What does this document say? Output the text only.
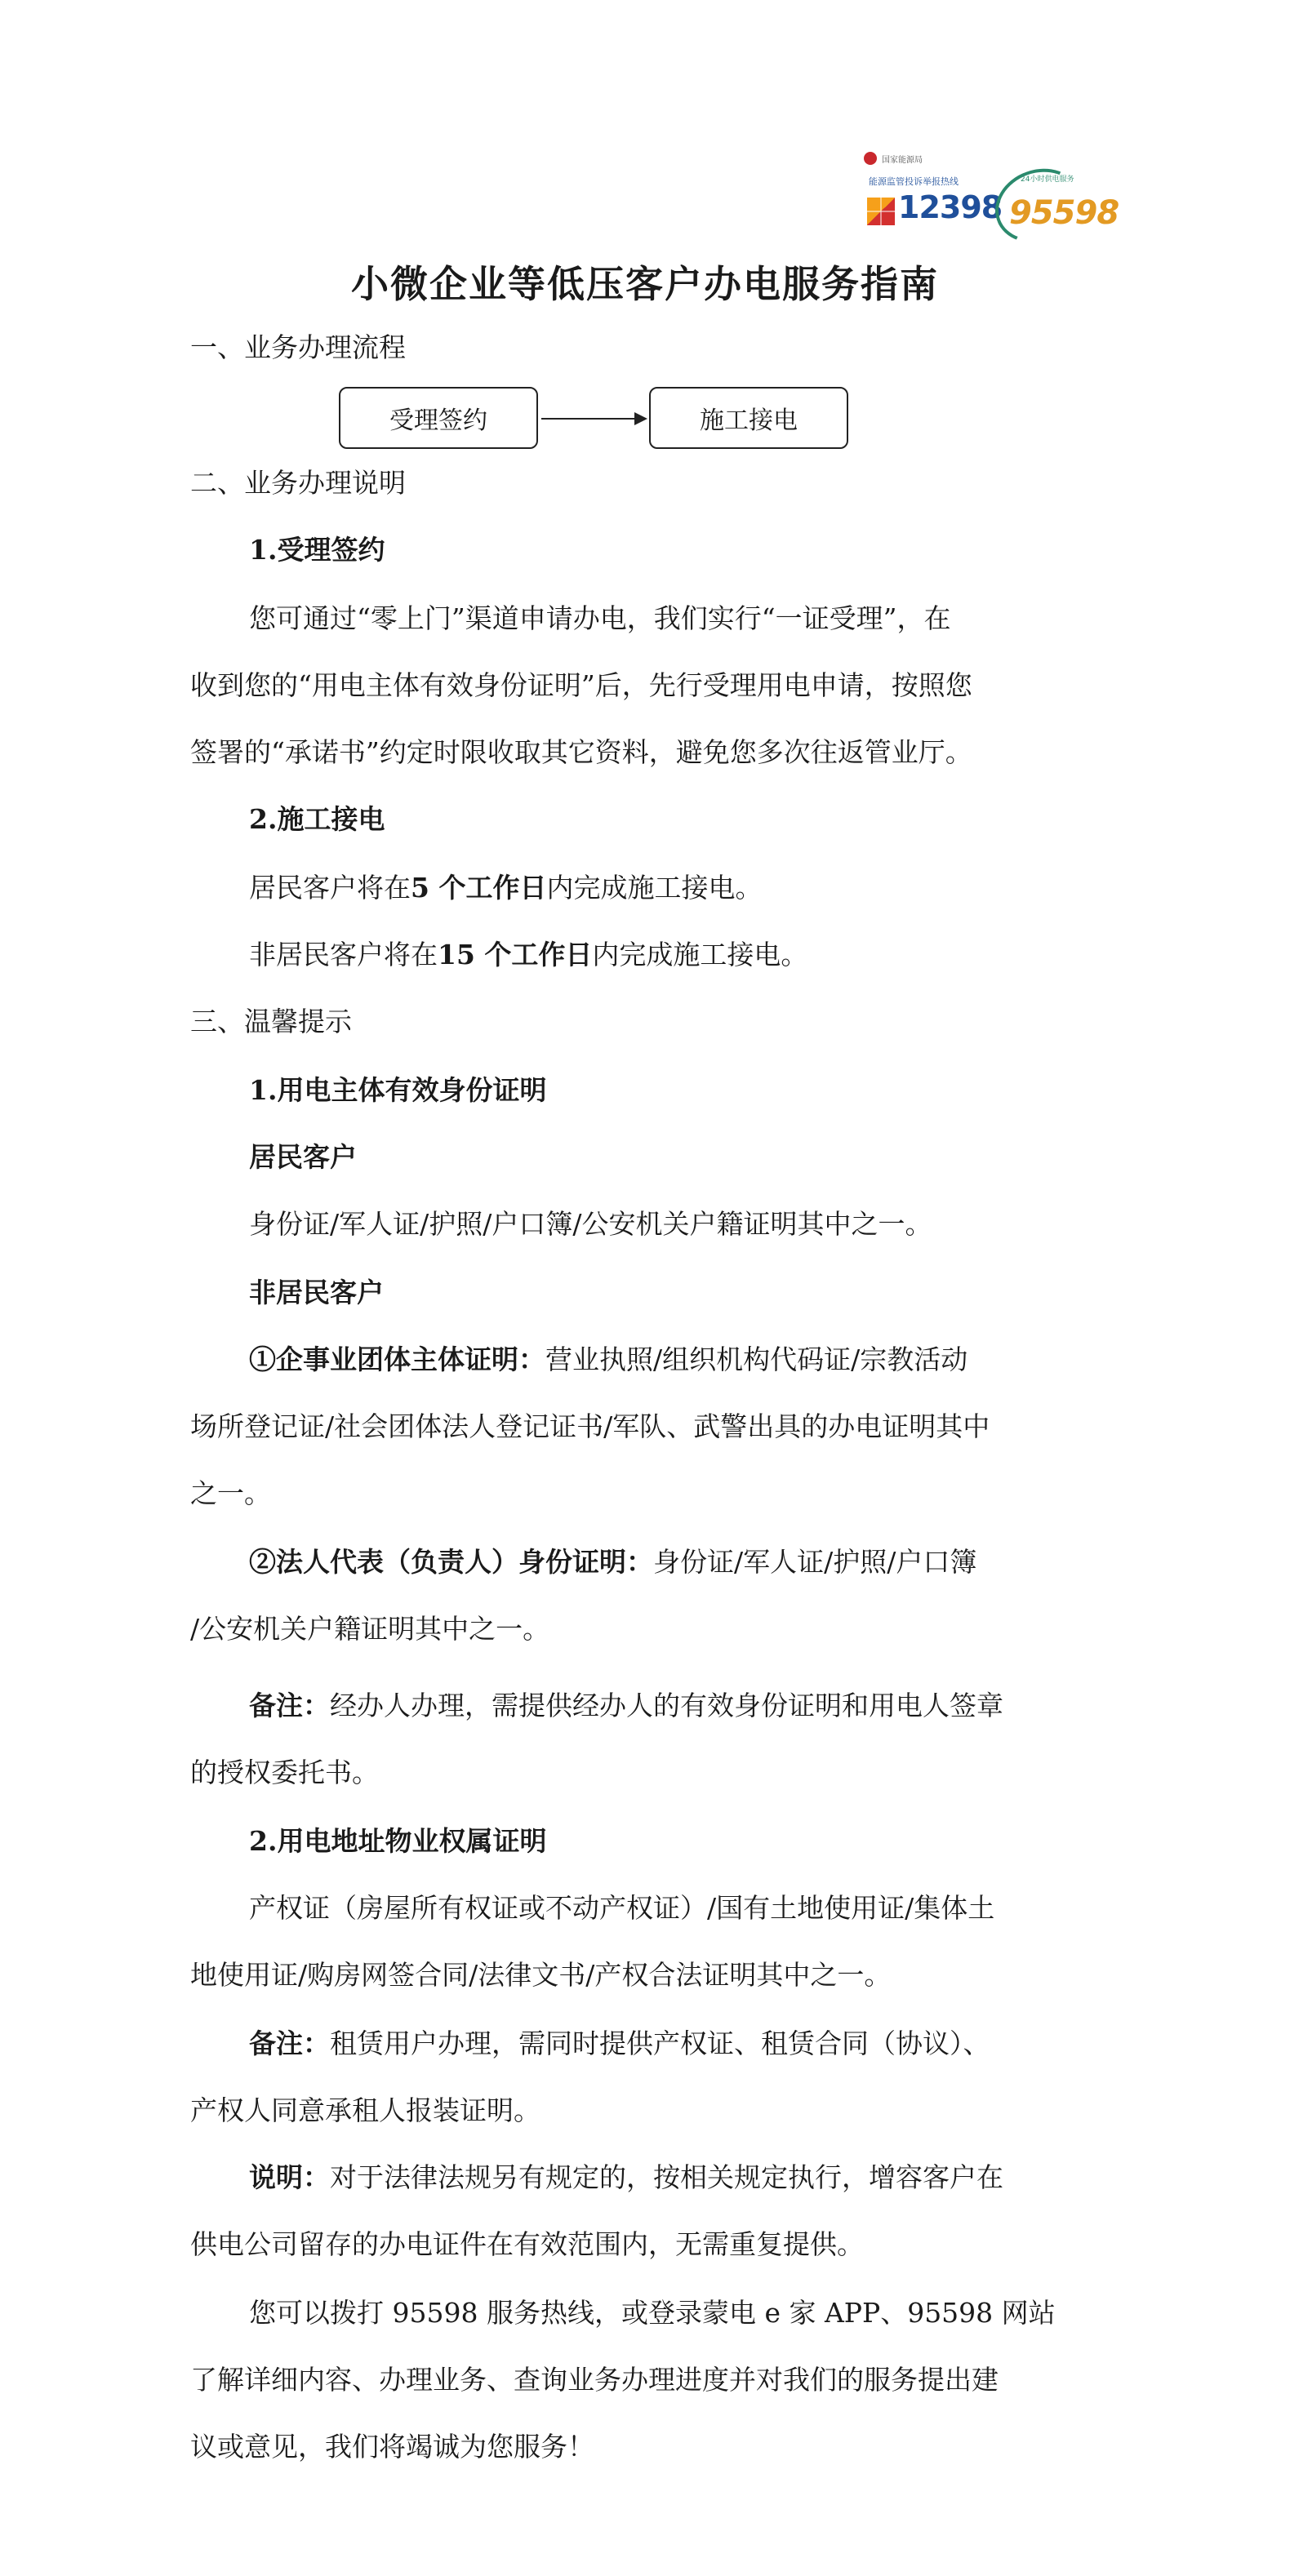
国家能源局
能源监管投诉举报热线
12398
24小时供电服务
95598
小微企业等低压客户办电服务指南
一、业务办理流程
受理签约	施工接电
二、业务办理说明
1.受理签约
您可通过“零上门”渠道申请办电，我们实行“一证受理”，在
收到您的“用电主体有效身份证明”后，先行受理用电申请，按照您
签署的“承诺书”约定时限收取其它资料，避免您多次往返管业厅。
2.施工接电
居民客户将在5 个工作日内完成施工接电。
非居民客户将在15 个工作日内完成施工接电。
三、温馨提示
1.用电主体有效身份证明
居民客户
身份证/军人证/护照/户口簿/公安机关户籍证明其中之一。
非居民客户
①企事业团体主体证明：营业执照/组织机构代码证/宗教活动
场所登记证/社会团体法人登记证书/军队、武警出具的办电证明其中
之一。
②法人代表（负责人）身份证明：身份证/军人证/护照/户口簿
/公安机关户籍证明其中之一。
备注：经办人办理，需提供经办人的有效身份证明和用电人签章
的授权委托书。
2.用电地址物业权属证明
产权证（房屋所有权证或不动产权证）/国有土地使用证/集体土
地使用证/购房网签合同/法律文书/产权合法证明其中之一。
备注：租赁用户办理，需同时提供产权证、租赁合同（协议）、
产权人同意承租人报装证明。
说明：对于法律法规另有规定的，按相关规定执行，增容客户在
供电公司留存的办电证件在有效范围内，无需重复提供。
您可以拨打 95598 服务热线，或登录蒙电 e 家 APP、95598 网站
了解详细内容、办理业务、查询业务办理进度并对我们的服务提出建
议或意见，我们将竭诚为您服务！
